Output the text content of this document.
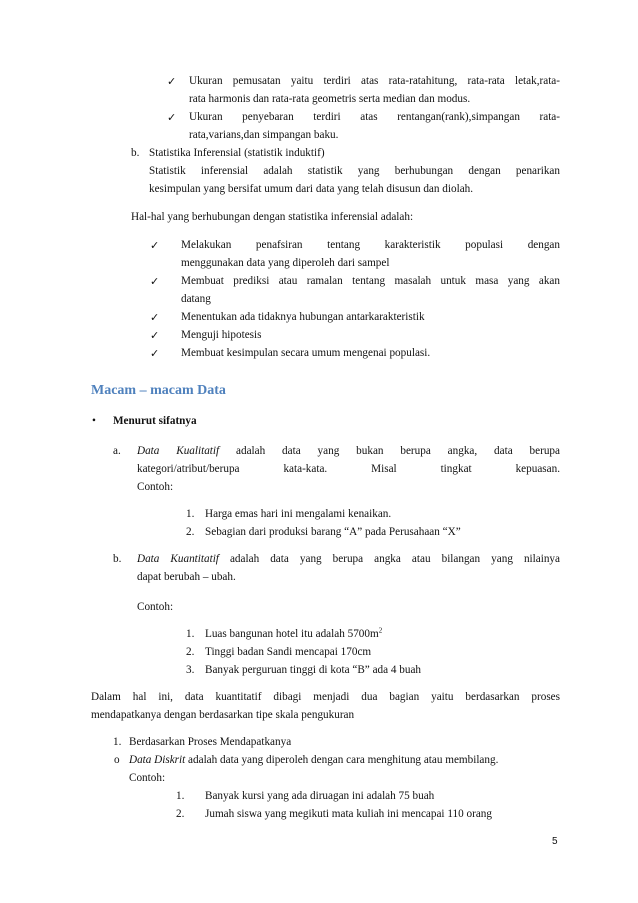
✓ Ukuran pemusatan yaitu terdiri atas rata-ratahitung, rata-rata letak,rata-
rata harmonis dan rata-rata geometris serta median dan modus.
✓ Ukuran penyebaran terdiri atas rentangan(rank),simpangan rata-
rata,varians,dan simpangan baku.
b. Statistika Inferensial (statistik induktif)
Statistik inferensial adalah statistik yang berhubungan dengan penarikan
kesimpulan yang bersifat umum dari data yang telah disusun dan diolah.
Hal-hal yang berhubungan dengan statistika inferensial adalah:
✓ Melakukan penafsiran tentang karakteristik populasi dengan
menggunakan data yang diperoleh dari sampel
✓ Membuat prediksi atau ramalan tentang masalah untuk masa yang akan
datang
✓ Menentukan ada tidaknya hubungan antarkarakteristik
✓ Menguji hipotesis
✓ Membuat kesimpulan secara umum mengenai populasi.
Macam – macam Data
• Menurut sifatnya
a. Data Kualitatif adalah data yang bukan berupa angka, data berupa
kategori/atribut/berupa kata-kata. Misal tingkat kepuasan.
Contoh:
1. Harga emas hari ini mengalami kenaikan.
2. Sebagian dari produksi barang “A” pada Perusahaan “X”
b. Data Kuantitatif adalah data yang berupa angka atau bilangan yang nilainya
dapat berubah – ubah.
Contoh:
1. Luas bangunan hotel itu adalah $5700m^2$
2. Tinggi badan Sandi mencapai 170cm
3. Banyak perguruan tinggi di kota “B” ada 4 buah
Dalam hal ini, data kuantitatif dibagi menjadi dua bagian yaitu berdasarkan proses
mendapatkanya dengan berdasarkan tipe skala pengukuran
1. Berdasarkan Proses Mendapatkanya
o Data Diskrit adalah data yang diperoleh dengan cara menghitung atau membilang.
Contoh:
1. Banyak kursi yang ada diruagan ini adalah 75 buah
2. Jumah siswa yang megikuti mata kuliah ini mencapai 110 orang
5
